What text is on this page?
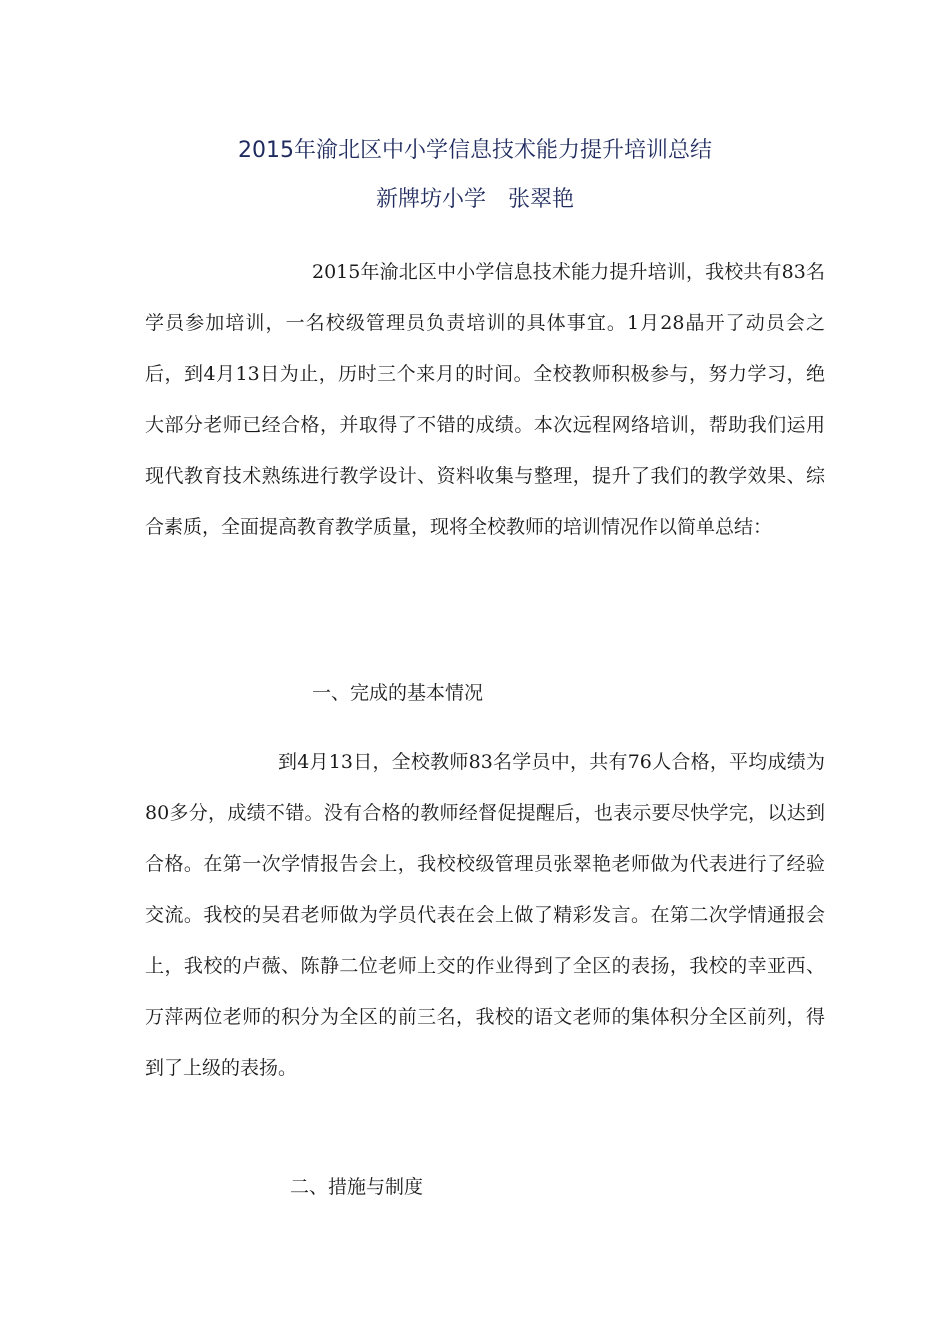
2015年渝北区中小学信息技术能力提升培训总结
新牌坊小学 张翠艳

2015年渝北区中小学信息技术能力提升培训，我校共有83名学员参加培训，一名校级管理员负责培训的具体事宜。1月28晶开了动员会之后，到4月13日为止，历时三个来月的时间。全校教师积极参与，努力学习，绝大部分老师已经合格，并取得了不错的成绩。本次远程网络培训，帮助我们运用现代教育技术熟练进行教学设计、资料收集与整理，提升了我们的教学效果、综合素质，全面提高教育教学质量，现将全校教师的培训情况作以简单总结：

一、完成的基本情况

到4月13日，全校教师83名学员中，共有76人合格，平均成绩为80多分，成绩不错。没有合格的教师经督促提醒后，也表示要尽快学完，以达到合格。在第一次学情报告会上，我校校级管理员张翠艳老师做为代表进行了经验交流。我校的吴君老师做为学员代表在会上做了精彩发言。在第二次学情通报会上，我校的卢薇、陈静二位老师上交的作业得到了全区的表扬，我校的幸亚西、万萍两位老师的积分为全区的前三名，我校的语文老师的集体积分全区前列，得到了上级的表扬。

二、措施与制度
